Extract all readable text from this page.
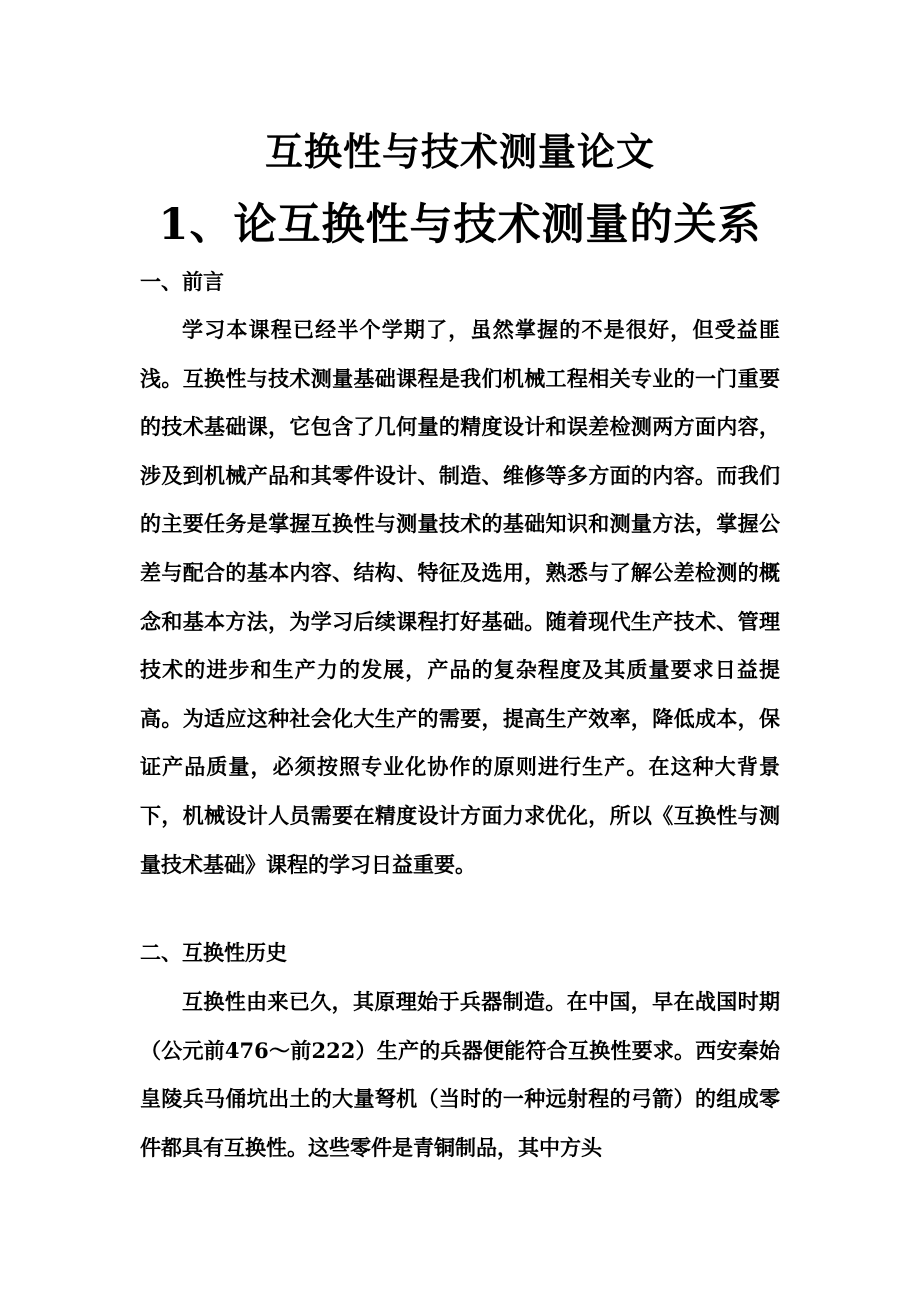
互换性与技术测量论文
1、论互换性与技术测量的关系
一、前言

学习本课程已经半个学期了，虽然掌握的不是很好，但受益匪浅。互换性与技术测量基础课程是我们机械工程相关专业的一门重要的技术基础课，它包含了几何量的精度设计和误差检测两方面内容，涉及到机械产品和其零件设计、制造、维修等多方面的内容。而我们的主要任务是掌握互换性与测量技术的基础知识和测量方法，掌握公差与配合的基本内容、结构、特征及选用，熟悉与了解公差检测的概念和基本方法，为学习后续课程打好基础。随着现代生产技术、管理技术的进步和生产力的发展，产品的复杂程度及其质量要求日益提高。为适应这种社会化大生产的需要，提高生产效率，降低成本，保证产品质量，必须按照专业化协作的原则进行生产。在这种大背景下，机械设计人员需要在精度设计方面力求优化，所以《互换性与测量技术基础》课程的学习日益重要。

二、互换性历史

互换性由来已久，其原理始于兵器制造。在中国，早在战国时期（公元前476～前222）生产的兵器便能符合互换性要求。西安秦始皇陵兵马俑坑出土的大量弩机（当时的一种远射程的弓箭）的组成零件都具有互换性。这些零件是青铜制品，其中方头
